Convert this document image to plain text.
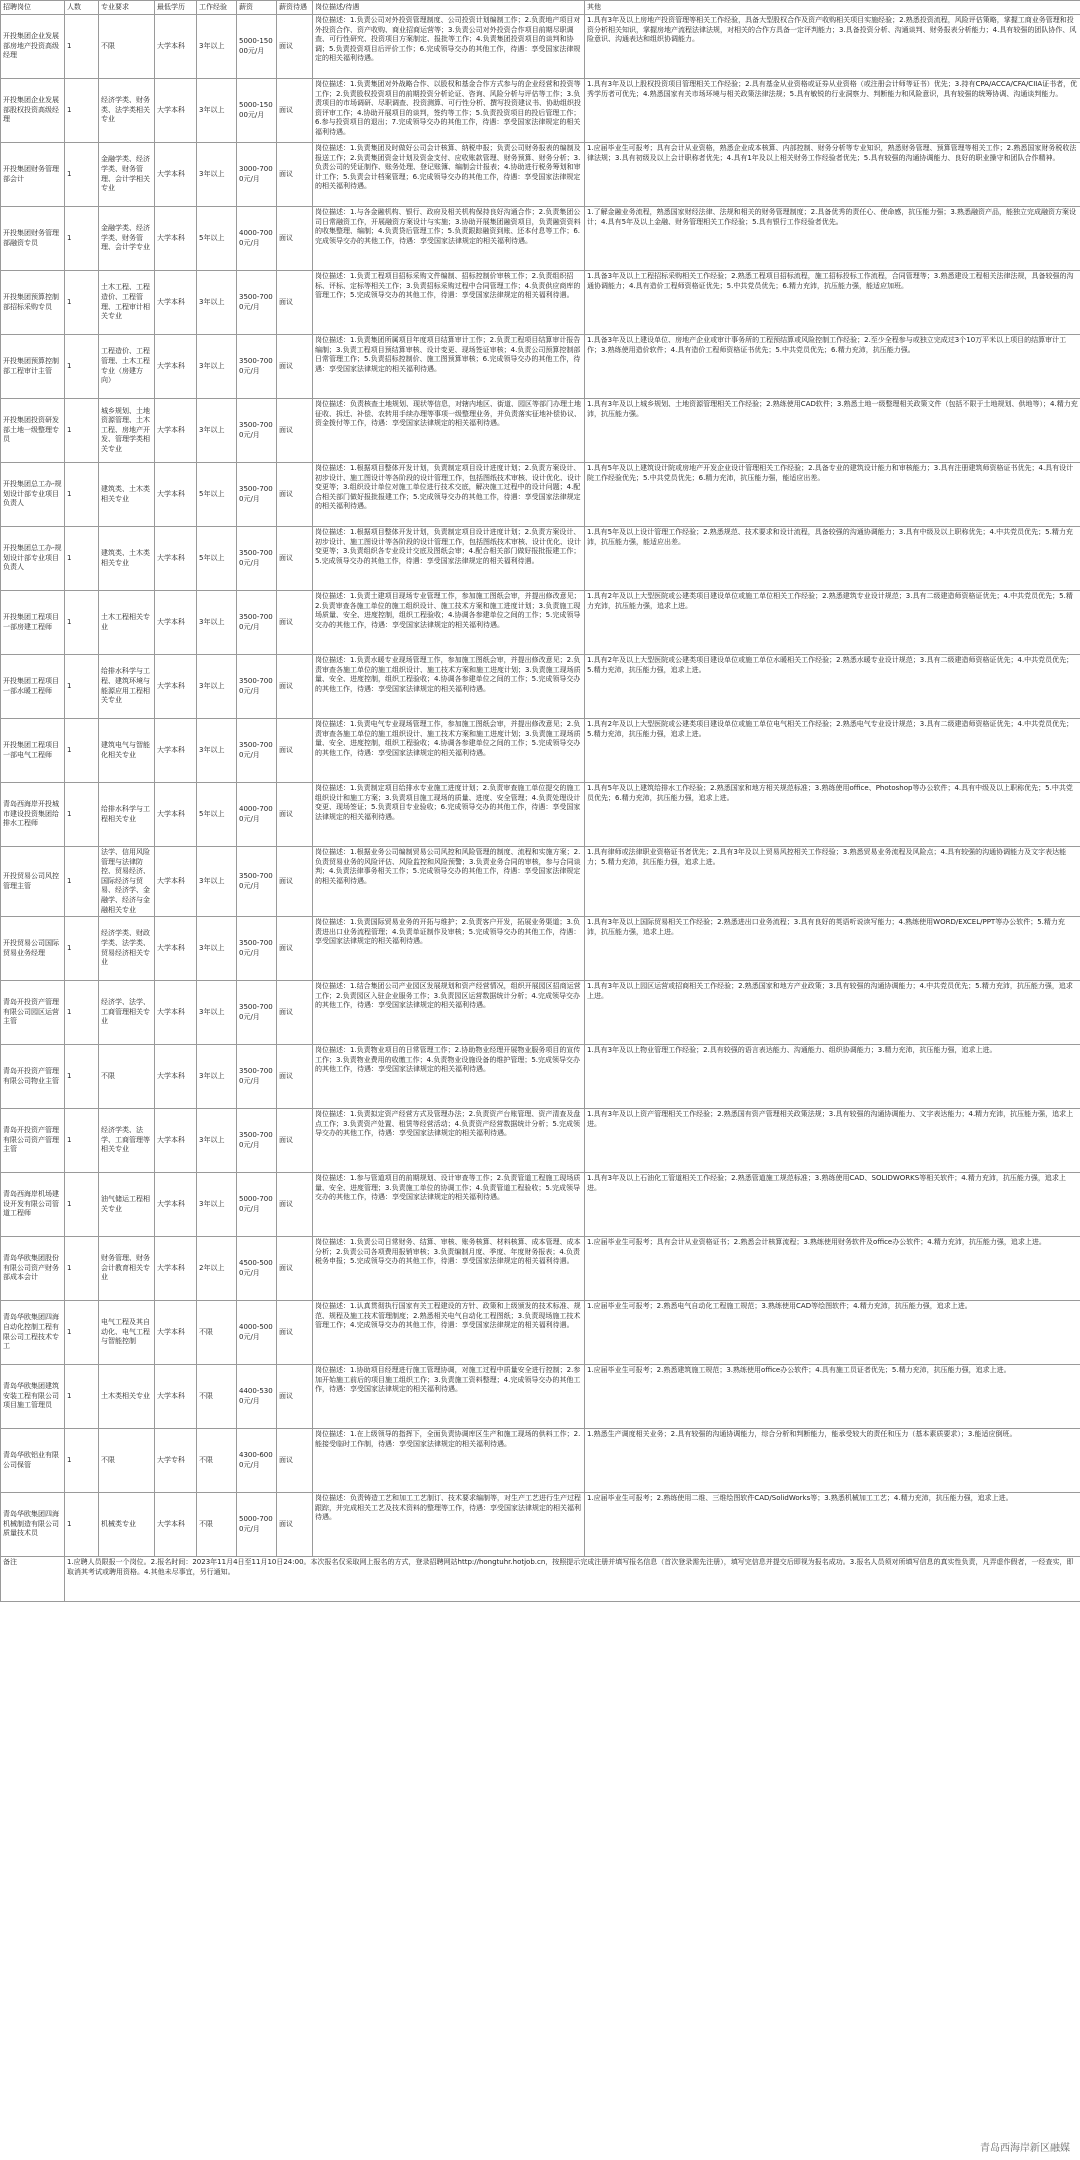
招聘岗位	人数	专业要求	最低学历	工作经验	薪资	薪资待遇	岗位描述/待遇	其他
开投集团企业发展部房地产投资高级经理	1	不限	大学本科	3年以上	5000-15000元/月	面议	岗位描述：1.负责公司对外投资管理制度、公司投资计划编制工作；2.负责地产项目对外投资合作、资产收购、商业招商运营等；3.负责公司对外投资合作项目前期尽职调查、可行性研究、投资项目方案制定、报批等工作；4.负责集团投资项目的谈判和协调；5.负责投资项目后评价工作；6.完成领导交办的其他工作，待遇：享受国家法律规定的相关福利待遇。	1.具有3年及以上房地产投资管理等相关工作经验，具备大型股权合作及资产收购相关项目实施经验；2.熟悉投资流程，风险评估策略，掌握工商业务管理和投资分析相关知识，掌握房地产流程法律法规，对相关的合作方具备一定评判能力；3.具备投资分析、沟通谈判、财务报表分析能力；4.具有较强的团队协作、风险意识、沟通表达和组织协调能力。
开投集团企业发展部股权投资高级经理	1	经济学类、财务类、法学类相关专业	大学本科	3年以上	5000-15000元/月	面议	岗位描述：1.负责集团对外战略合作、以股权和基金合作方式参与的企业经营和投资等工作；2.负责股权投资项目的前期投资分析论证、咨询、风险分析与评估等工作；3.负责项目的市场调研、尽职调查、投资测算、可行性分析、撰写投资建议书、协助组织投资评审工作；4.协助开展项目的谈判，签约等工作；5.负责投资项目的投后管理工作；6.参与投资项目的退出；7.完成领导交办的其他工作，待遇：享受国家法律规定的相关福利待遇。	1.具有3年及以上股权投资项目管理相关工作经验；2.具有基金从业资格或证券从业资格（或注册会计师等证书）优先；3.持有CPA/ACCA/CFA/CIIA证书者，优秀学历者可优先；4.熟悉国家有关市场环境与相关政策法律法规；5.具有敏锐的行业洞察力、判断能力和风险意识，具有较强的统筹协调、沟通谈判能力。
开投集团财务管理部会计	1	金融学类、经济学类、财务管理、会计学相关专业	大学本科	3年以上	3000-7000元/月	面议	岗位描述：1.负责集团及时做好公司会计核算、纳税申报；负责公司财务报表的编制及报送工作；2.负责集团资金计划及资金支付、应收账款管理、财务预算、财务分析；3.负责公司的凭证制作、账务处理、登记账簿、编制会计报表；4.协助进行税务筹划和审计工作；5.负责会计档案管理；6.完成领导交办的其他工作，待遇：享受国家法律规定的相关福利待遇。	1.应届毕业生可报考；具有会计从业资格，熟悉企业成本核算、内部控制、财务分析等专业知识，熟悉财务管理、预算管理等相关工作；2.熟悉国家财务税收法律法规；3.具有初级及以上会计职称者优先；4.具有1年及以上相关财务工作经验者优先；5.具有较强的沟通协调能力、良好的职业操守和团队合作精神。
开投集团财务管理部融资专员	1	金融学类、经济学类、财务管理、会计学专业	大学本科	5年以上	4000-7000元/月	面议	岗位描述：1.与各金融机构、银行、政府及相关机构保持良好沟通合作；2.负责集团公司日常融资工作，开展融资方案设计与实施；3.协助开展集团融资项目，负责融资资料的收集整理、编制；4.负责贷后管理工作；5.负责跟踪融资到账、还本付息等工作；6.完成领导交办的其他工作，待遇：享受国家法律规定的相关福利待遇。	1.了解金融业务流程，熟悉国家财经法律、法规和相关的财务管理制度；2.具备优秀的责任心、使命感，抗压能力强；3.熟悉融资产品，能独立完成融资方案设计；4.具有5年及以上金融、财务管理相关工作经验；5.具有银行工作经验者优先。
开投集团预算控制部招标采购专员	1	土木工程、工程造价、工程管理、工程审计相关专业	大学本科	3年以上	3500-7000元/月	面议	岗位描述：1.负责工程项目招标采购文件编制、招标控制价审核工作；2.负责组织招标、评标、定标等相关工作；3.负责招标采购过程中合同管理工作；4.负责供应商库的管理工作；5.完成领导交办的其他工作，待遇：享受国家法律规定的相关福利待遇。	1.具备3年及以上工程招标采购相关工作经验；2.熟悉工程项目招标流程，施工招标投标工作流程，合同管理等；3.熟悉建设工程相关法律法规，具备较强的沟通协调能力；4.具有造价工程师资格证优先；5.中共党员优先；6.精力充沛，抗压能力强，能适应加班。
开投集团预算控制部工程审计主管	1	工程造价、工程管理、土木工程专业（房建方向）	大学本科	3年以上	3500-7000元/月	面议	岗位描述：1.负责集团所属项目年度项目结算审计工作；2.负责工程项目结算审计报告编制；3.负责工程项目预结算审核、设计变更、现场签证审核；4.负责公司预算控制部日常管理工作；5.负责招标控制价、施工图预算审核；6.完成领导交办的其他工作，待遇：享受国家法律规定的相关福利待遇。	1.具备3年及以上建设单位、房地产企业或审计事务所的工程预结算或风险控制工作经验；2.至少全程参与或独立完成过3个10万平米以上项目的结算审计工作；3.熟练使用造价软件；4.具有造价工程师资格证书优先；5.中共党员优先；6.精力充沛，抗压能力强。
开投集团投资研发部土地一级整理专员	1	城乡规划、土地资源管理、土木工程、房地产开发、管理学类相关专业	大学本科	3年以上	3500-7000元/月	面议	岗位描述：负责核查土地规划、现状等信息，对辖内地区、街道、园区等部门办理土地征收、拆迁、补偿、农转用手续办理等事项一级整理业务，并负责落实征地补偿协议、资金拨付等工作，待遇：享受国家法律规定的相关福利待遇。	1.具有3年及以上城乡规划、土地资源管理相关工作经验；2.熟练使用CAD软件；3.熟悉土地一级整理相关政策文件（包括不限于土地规划、供地等）；4.精力充沛，抗压能力强。
开投集团总工办-规划设计部专业项目负责人	1	建筑类、土木类相关专业	大学本科	5年以上	3500-7000元/月	面议	岗位描述：1.根据项目整体开发计划，负责制定项目设计进度计划；2.负责方案设计、初步设计、施工图设计等各阶段的设计管理工作，包括图纸技术审核、设计优化、设计变更等；3.组织设计单位对施工单位进行技术交底，解决施工过程中的设计问题；4.配合相关部门做好报批报建工作；5.完成领导交办的其他工作，待遇：享受国家法律规定的相关福利待遇。	1.具有5年及以上建筑设计院或房地产开发企业设计管理相关工作经验；2.具备专业的建筑设计能力和审核能力；3.具有注册建筑师资格证书优先；4.具有设计院工作经验优先；5.中共党员优先；6.精力充沛，抗压能力强，能适应出差。
开投集团总工办-规划设计部专业项目负责人	1	建筑类、土木类相关专业	大学本科	5年以上	3500-7000元/月	面议	岗位描述：1.根据项目整体开发计划，负责制定项目设计进度计划；2.负责方案设计、初步设计、施工图设计等各阶段的设计管理工作，包括图纸技术审核、设计优化、设计变更等；3.负责组织各专业设计交底及图纸会审；4.配合相关部门做好报批报建工作；5.完成领导交办的其他工作，待遇：享受国家法律规定的相关福利待遇。	1.具有5年及以上设计管理工作经验；2.熟悉规范、技术要求和设计流程，具备较强的沟通协调能力；3.具有中级及以上职称优先；4.中共党员优先；5.精力充沛，抗压能力强，能适应出差。
开投集团工程项目一部房建工程师	1	土木工程相关专业	大学本科	3年以上	3500-7000元/月	面议	岗位描述：1.负责土建项目现场专业管理工作，参加施工图纸会审，并提出修改意见；2.负责审查各施工单位的施工组织设计、施工技术方案和施工进度计划；3.负责施工现场质量、安全、进度控制，组织工程验收；4.协调各参建单位之间的工作；5.完成领导交办的其他工作，待遇：享受国家法律规定的相关福利待遇。	1.具有2年及以上大型医院或公建类项目建设单位或施工单位相关工作经验；2.熟悉建筑专业设计规范；3.具有二级建造师资格证优先；4.中共党员优先；5.精力充沛，抗压能力强，追求上进。
开投集团工程项目一部水暖工程师	1	给排水科学与工程、建筑环境与能源应用工程相关专业	大学本科	3年以上	3500-7000元/月	面议	岗位描述：1.负责水暖专业现场管理工作，参加施工图纸会审，并提出修改意见；2.负责审查各施工单位的施工组织设计、施工技术方案和施工进度计划；3.负责施工现场质量、安全、进度控制，组织工程验收；4.协调各参建单位之间的工作；5.完成领导交办的其他工作，待遇：享受国家法律规定的相关福利待遇。	1.具有2年及以上大型医院或公建类项目建设单位或施工单位水暖相关工作经验；2.熟悉水暖专业设计规范；3.具有二级建造师资格证优先；4.中共党员优先；5.精力充沛，抗压能力强，追求上进。
开投集团工程项目一部电气工程师	1	建筑电气与智能化相关专业	大学本科	3年以上	3500-7000元/月	面议	岗位描述：1.负责电气专业现场管理工作，参加施工图纸会审，并提出修改意见；2.负责审查各施工单位的施工组织设计、施工技术方案和施工进度计划；3.负责施工现场质量、安全、进度控制，组织工程验收；4.协调各参建单位之间的工作；5.完成领导交办的其他工作，待遇：享受国家法律规定的相关福利待遇。	1.具有2年及以上大型医院或公建类项目建设单位或施工单位电气相关工作经验；2.熟悉电气专业设计规范；3.具有二级建造师资格证优先；4.中共党员优先；5.精力充沛，抗压能力强，追求上进。
青岛西海岸开投城市建设投资集团给排水工程师	1	给排水科学与工程相关专业	大学本科	5年以上	4000-7000元/月	面议	岗位描述：1.负责制定项目给排水专业施工进度计划；2.负责审查施工单位提交的施工组织设计和施工方案；3.负责项目施工现场的质量、进度、安全管理；4.负责处理设计变更、现场签证；5.负责项目专业验收；6.完成领导交办的其他工作，待遇：享受国家法律规定的相关福利待遇。	1.具有5年及以上建筑给排水工作经验；2.熟悉国家和地方相关规范标准；3.熟练使用office、Photoshop等办公软件；4.具有中级及以上职称优先；5.中共党员优先；6.精力充沛，抗压能力强，追求上进。
开投贸易公司风控管理主管	1	法学、信用风险管理与法律防控、贸易经济、国际经济与贸易、经济学、金融学、经济与金融相关专业	大学本科	3年以上	3500-7000元/月	面议	岗位描述：1.根据业务公司编制贸易公司风控和风险管理的制度、流程和实施方案；2.负责贸易业务的风险评估、风险监控和风险预警；3.负责业务合同的审核，参与合同谈判；4.负责法律事务相关工作；5.完成领导交办的其他工作，待遇：享受国家法律规定的相关福利待遇。	1.具有律师或法律职业资格证书者优先；2.具有3年及以上贸易风控相关工作经验；3.熟悉贸易业务流程及风险点；4.具有较强的沟通协调能力及文字表达能力；5.精力充沛，抗压能力强，追求上进。
开投贸易公司国际贸易业务经理	1	经济学类、财政学类、法学类、贸易经济相关专业	大学本科	3年以上	3500-7000元/月	面议	岗位描述：1.负责国际贸易业务的开拓与维护；2.负责客户开发，拓展业务渠道；3.负责进出口业务流程管理；4.负责单证制作及审核；5.完成领导交办的其他工作，待遇：享受国家法律规定的相关福利待遇。	1.具有3年及以上国际贸易相关工作经验；2.熟悉进出口业务流程；3.具有良好的英语听说读写能力；4.熟练使用WORD/EXCEL/PPT等办公软件；5.精力充沛，抗压能力强，追求上进。
青岛开投资产管理有限公司园区运营主管	1	经济学、法学、工商管理相关专业	大学本科	3年以上	3500-7000元/月	面议	岗位描述：1.结合集团公司产业园区发展规划和资产经营情况，组织开展园区招商运营工作；2.负责园区入驻企业服务工作；3.负责园区运营数据统计分析；4.完成领导交办的其他工作，待遇：享受国家法律规定的相关福利待遇。	1.具有3年及以上园区运营或招商相关工作经验；2.熟悉国家和地方产业政策；3.具有较强的沟通协调能力；4.中共党员优先；5.精力充沛，抗压能力强，追求上进。
青岛开投资产管理有限公司物业主管	1	不限	大学本科	3年以上	3500-7000元/月	面议	岗位描述：1.负责物业项目的日常管理工作；2.协助物业经理开展物业服务项目的宣传工作；3.负责物业费用的收缴工作；4.负责物业设施设备的维护管理；5.完成领导交办的其他工作，待遇：享受国家法律规定的相关福利待遇。	1.具有3年及以上物业管理工作经验；2.具有较强的语言表达能力、沟通能力、组织协调能力；3.精力充沛，抗压能力强，追求上进。
青岛开投资产管理有限公司资产管理主管	1	经济学类、法学、工商管理等相关专业	大学本科	3年以上	3500-7000元/月	面议	岗位描述：1.负责拟定资产经营方式及管理办法；2.负责资产台账管理、资产清查及盘点工作；3.负责资产处置、租赁等经营活动；4.负责资产经营数据统计分析；5.完成领导交办的其他工作，待遇：享受国家法律规定的相关福利待遇。	1.具有3年及以上资产管理相关工作经验；2.熟悉国有资产管理相关政策法规；3.具有较强的沟通协调能力、文字表达能力；4.精力充沛，抗压能力强，追求上进。
青岛西海岸机场建设开发有限公司管道工程师	1	油气储运工程相关专业	大学本科	3年以上	5000-7000元/月	面议	岗位描述：1.参与管道项目的前期规划、设计审查等工作；2.负责管道工程施工现场质量、安全、进度管理；3.负责施工单位的协调工作；4.负责管道工程验收；5.完成领导交办的其他工作，待遇：享受国家法律规定的相关福利待遇。	1.具有3年及以上石油化工管道相关工作经验；2.熟悉管道施工规范标准；3.熟练使用CAD、SOLIDWORKS等相关软件；4.精力充沛，抗压能力强，追求上进。
青岛华欧集团股份有限公司资产财务部成本会计	1	财务管理、财务会计教育相关专业	大学本科	2年以上	4500-5000元/月	面议	岗位描述：1.负责公司日常财务、结算、审核、账务核算、材料核算、成本管理、成本分析；2.负责公司各项费用报销审核；3.负责编制月度、季度、年度财务报表；4.负责税务申报；5.完成领导交办的其他工作，待遇：享受国家法律规定的相关福利待遇。	1.应届毕业生可报考；具有会计从业资格证书；2.熟悉会计核算流程；3.熟练使用财务软件及office办公软件；4.精力充沛，抗压能力强，追求上进。
青岛华欧集团四海自动化控制工程有限公司工程技术专工	1	电气工程及其自动化、电气工程与智能控制	大学本科	不限	4000-5000元/月	面议	岗位描述：1.认真贯彻执行国家有关工程建设的方针、政策和上级颁发的技术标准、规范、规程及施工技术管理制度；2.熟悉相关电气自动化工程图纸；3.负责现场施工技术管理工作；4.完成领导交办的其他工作，待遇：享受国家法律规定的相关福利待遇。	1.应届毕业生可报考；2.熟悉电气自动化工程施工规范；3.熟练使用CAD等绘图软件；4.精力充沛，抗压能力强，追求上进。
青岛华欧集团建筑安装工程有限公司项目施工管理员	1	土木类相关专业	大学本科	不限	4400-5300元/月	面议	岗位描述：1.协助项目经理进行施工管理协调，对施工过程中质量安全进行控制；2.参加开始施工前后的项目施工组织工作；3.负责施工资料整理；4.完成领导交办的其他工作，待遇：享受国家法律规定的相关福利待遇。	1.应届毕业生可报考；2.熟悉建筑施工规范；3.熟练使用office办公软件；4.具有施工员证者优先；5.精力充沛，抗压能力强，追求上进。
青岛华欧铝业有限公司保管	1	不限	大学专科	不限	4300-6000元/月	面议	岗位描述：1.在上级领导的指挥下，全面负责协调库区生产和施工现场的供料工作；2.能接受临时工作制，待遇：享受国家法律规定的相关福利待遇。	1.熟悉生产调度相关业务；2.具有较强的沟通协调能力，综合分析和判断能力，能承受较大的责任和压力（基本素质要求）；3.能适应倒班。
青岛华欧集团四海机械制造有限公司质量技术员	1	机械类专业	大学本科	不限	5000-7000元/月	面议	岗位描述：负责铸造工艺和加工工艺制订、技术要求编制等，对生产工艺进行生产过程跟踪，并完成相关工艺及技术资料的整理等工作，待遇：享受国家法律规定的相关福利待遇。	1.应届毕业生可报考；2.熟练使用二维、三维绘图软件CAD/SolidWorks等；3.熟悉机械加工工艺；4.精力充沛，抗压能力强，追求上进。
备注	1.应聘人员限报一个岗位。2.报名时间：2023年11月4日至11月10日24:00。本次报名仅采取网上报名的方式，登录招聘网站http://hongtuhr.hotjob.cn，按照提示完成注册并填写报名信息（首次登录需先注册），填写完信息并提交后即视为报名成功。3.报名人员须对所填写信息的真实性负责，凡弄虚作假者，一经查实，即取消其考试或聘用资格。4.其他未尽事宜，另行通知。							
青岛西海岸新区融媒
